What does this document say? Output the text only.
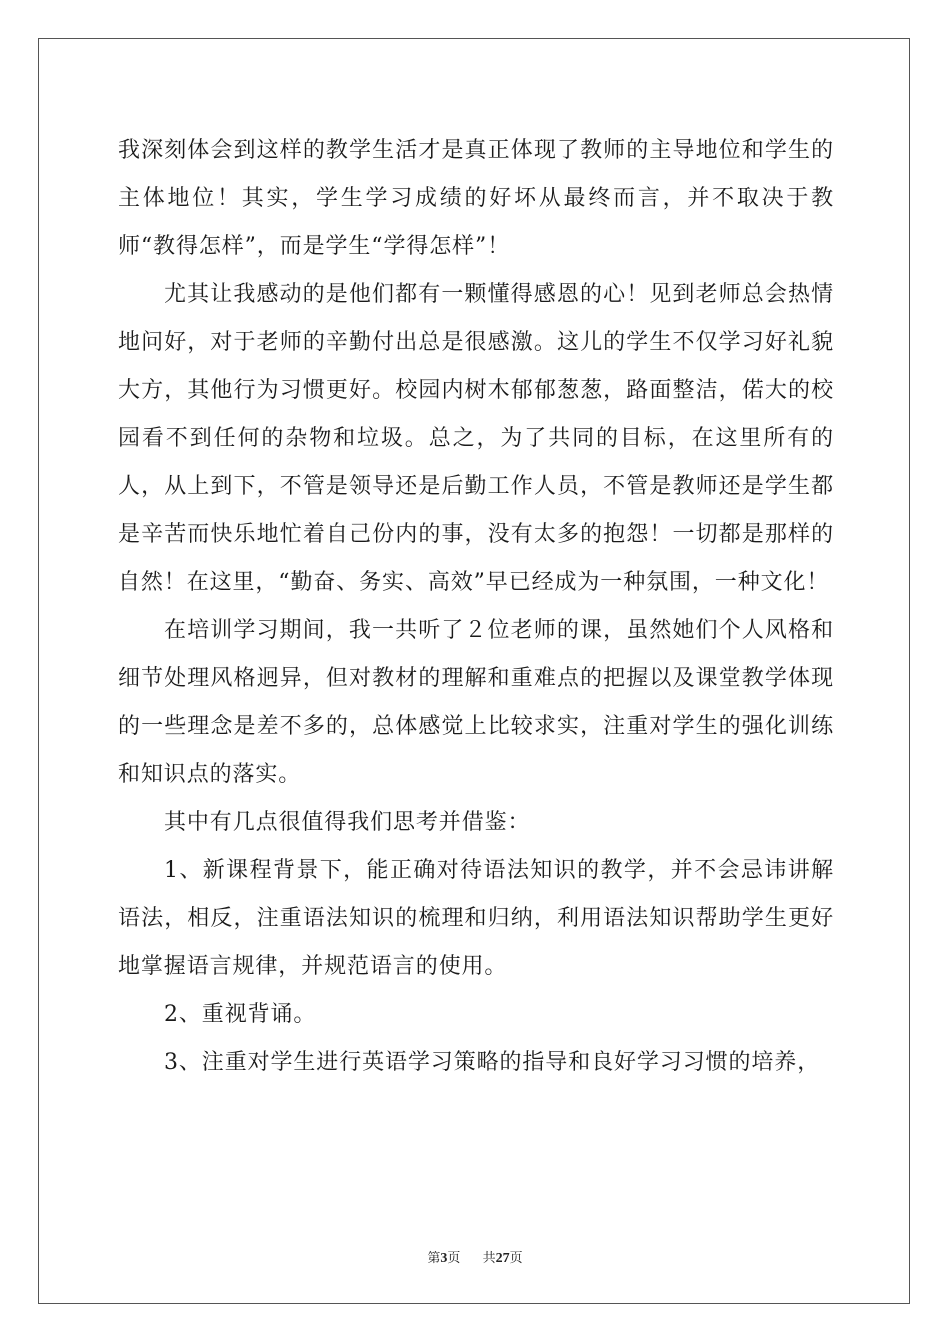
我深刻体会到这样的教学生活才是真正体现了教师的主导地位和学生的主体地位！其实，学生学习成绩的好坏从最终而言，并不取决于教师“教得怎样”，而是学生“学得怎样”！

尤其让我感动的是他们都有一颗懂得感恩的心！见到老师总会热情地问好，对于老师的辛勤付出总是很感激。这儿的学生不仅学习好礼貌大方，其他行为习惯更好。校园内树木郁郁葱葱，路面整洁，偌大的校园看不到任何的杂物和垃圾。总之，为了共同的目标，在这里所有的人，从上到下，不管是领导还是后勤工作人员，不管是教师还是学生都是辛苦而快乐地忙着自己份内的事，没有太多的抱怨！一切都是那样的自然！在这里，“勤奋、务实、高效”早已经成为一种氛围，一种文化！

在培训学习期间，我一共听了２位老师的课，虽然她们个人风格和细节处理风格迥异，但对教材的理解和重难点的把握以及课堂教学体现的一些理念是差不多的，总体感觉上比较求实，注重对学生的强化训练和知识点的落实。

其中有几点很值得我们思考并借鉴：

1、新课程背景下，能正确对待语法知识的教学，并不会忌讳讲解语法，相反，注重语法知识的梳理和归纳，利用语法知识帮助学生更好地掌握语言规律，并规范语言的使用。

2、重视背诵。

3、注重对学生进行英语学习策略的指导和良好学习习惯的培养，

第3页 共27页
